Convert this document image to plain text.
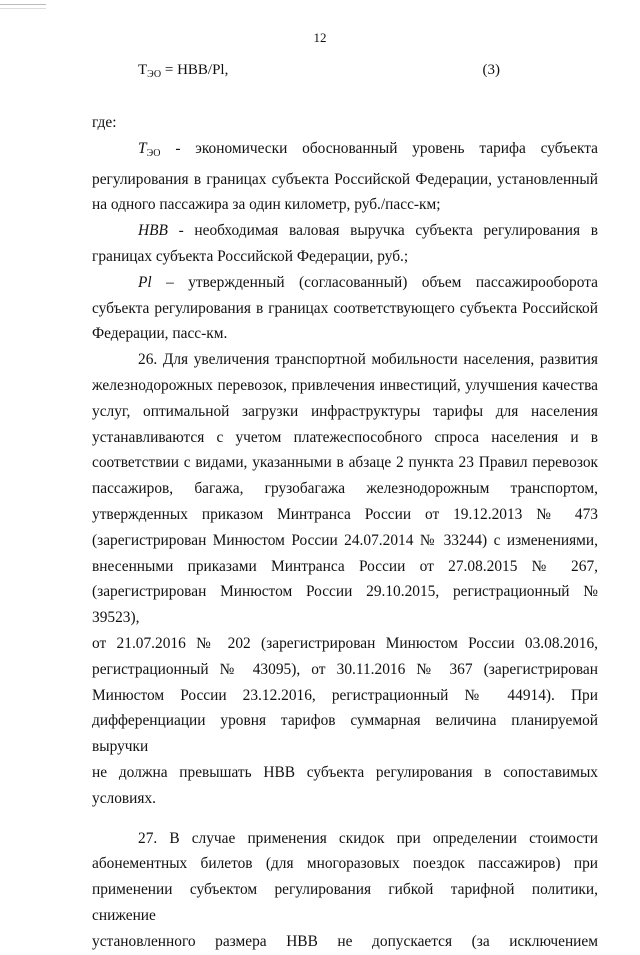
12
$T_{ЭО} = НВВ/Pl$,	(3)

где:

TЭО - экономически обоснованный уровень тарифа субъекта

регулирования в границах субъекта Российской Федерации, установленный

на одного пассажира за один километр, руб./пасс-км;

НВВ - необходимая валовая выручка субъекта регулирования в

границах субъекта Российской Федерации, руб.;

Pl – утвержденный (согласованный) объем пассажирооборота

субъекта регулирования в границах соответствующего субъекта Российской

Федерации, пасс-км.

26. Для увеличения транспортной мобильности населения, развития

железнодорожных перевозок, привлечения инвестиций, улучшения качества

услуг, оптимальной загрузки инфраструктуры тарифы для населения

устанавливаются с учетом платежеспособного спроса населения и в

соответствии с видами, указанными в абзаце 2 пункта 23 Правил перевозок

пассажиров, багажа, грузобагажа железнодорожным транспортом,

утвержденных приказом Минтранса России от 19.12.2013 № 473

(зарегистрирован Минюстом России 24.07.2014 № 33244) с изменениями,

внесенными приказами Минтранса России от 27.08.2015 № 267,

(зарегистрирован Минюстом России 29.10.2015, регистрационный № 39523),

от 21.07.2016 № 202 (зарегистрирован Минюстом России 03.08.2016,

регистрационный № 43095), от 30.11.2016 № 367 (зарегистрирован

Минюстом России 23.12.2016, регистрационный № 44914). При

дифференциации уровня тарифов суммарная величина планируемой выручки

не должна превышать НВВ субъекта регулирования в сопоставимых

условиях.

27. В случае применения скидок при определении стоимости

абонементных билетов (для многоразовых поездок пассажиров) при

применении субъектом регулирования гибкой тарифной политики, снижение

установленного размера НВВ не допускается (за исключением
